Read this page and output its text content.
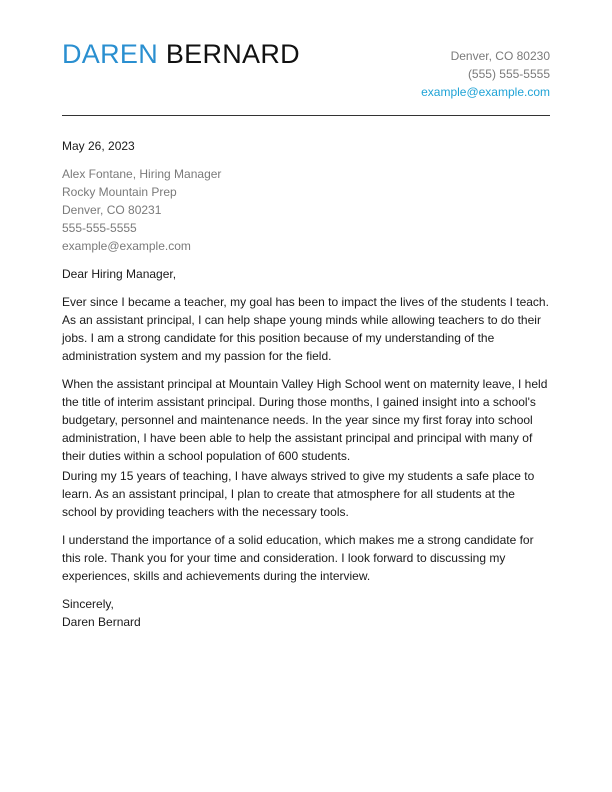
DAREN BERNARD	Denver, CO 80230
(555) 555-5555
example@example.com
May 26, 2023
Alex Fontane, Hiring Manager
Rocky Mountain Prep
Denver, CO 80231
555-555-5555
example@example.com
Dear Hiring Manager,

Ever since I became a teacher, my goal has been to impact the lives of the students I teach. As an assistant principal, I can help shape young minds while allowing teachers to do their jobs. I am a strong candidate for this position because of my understanding of the administration system and my passion for the field.

When the assistant principal at Mountain Valley High School went on maternity leave, I held the title of interim assistant principal. During those months, I gained insight into a school's budgetary, personnel and maintenance needs. In the year since my first foray into school administration, I have been able to help the assistant principal and principal with many of their duties within a school population of 600 students.

During my 15 years of teaching, I have always strived to give my students a safe place to learn. As an assistant principal, I plan to create that atmosphere for all students at the school by providing teachers with the necessary tools.

I understand the importance of a solid education, which makes me a strong candidate for this role. Thank you for your time and consideration. I look forward to discussing my experiences, skills and achievements during the interview.

Sincerely,
Daren Bernard
